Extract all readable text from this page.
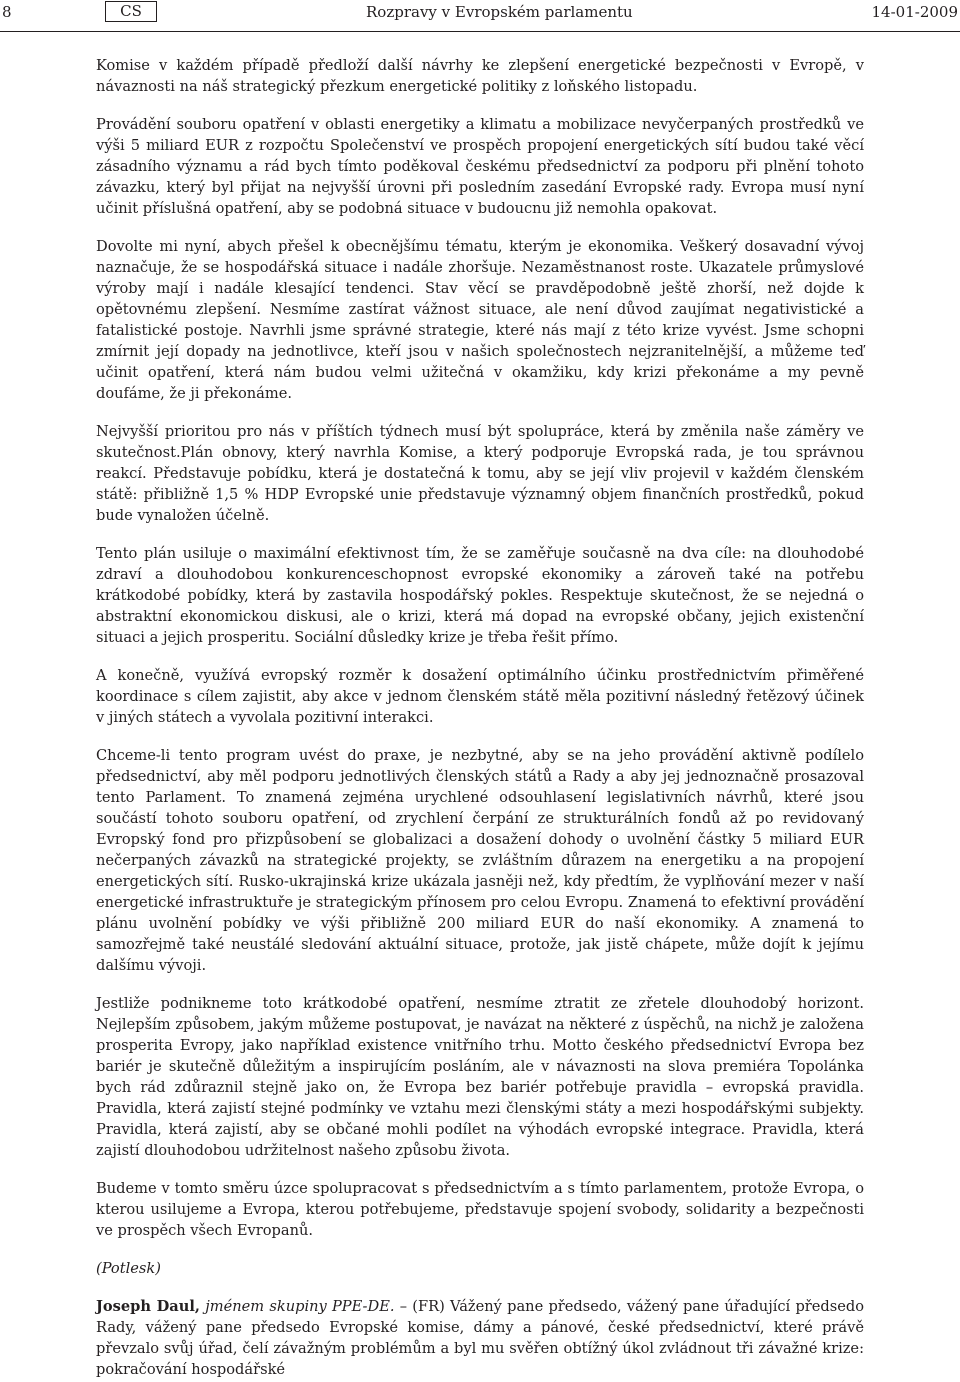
8	CS	Rozpravy v Evropském parlamentu	14-01-2009

Komise v každém případě předloží další návrhy ke zlepšení energetické bezpečnosti v Evropě, v návaznosti na náš strategický přezkum energetické politiky z loňského listopadu.

Provádění souboru opatření v oblasti energetiky a klimatu a mobilizace nevyčerpaných prostředků ve výši 5 miliard EUR z rozpočtu Společenství ve prospěch propojení energetických sítí budou také věcí zásadního významu a rád bych tímto poděkoval českému předsednictví za podporu při plnění tohoto závazku, který byl přijat na nejvyšší úrovni při posledním zasedání Evropské rady. Evropa musí nyní učinit příslušná opatření, aby se podobná situace v budoucnu již nemohla opakovat.

Dovolte mi nyní, abych přešel k obecnějšímu tématu, kterým je ekonomika. Veškerý dosavadní vývoj naznačuje, že se hospodářská situace i nadále zhoršuje. Nezaměstnanost roste. Ukazatele průmyslové výroby mají i nadále klesající tendenci. Stav věcí se pravděpodobně ještě zhorší, než dojde k opětovnému zlepšení. Nesmíme zastírat vážnost situace, ale není důvod zaujímat negativistické a fatalistické postoje. Navrhli jsme správné strategie, které nás mají z této krize vyvést. Jsme schopni zmírnit její dopady na jednotlivce, kteří jsou v našich společnostech nejzranitelnější, a můžeme teď učinit opatření, která nám budou velmi užitečná v okamžiku, kdy krizi překonáme a my pevně doufáme, že ji překonáme.

Nejvyšší prioritou pro nás v příštích týdnech musí být spolupráce, která by změnila naše záměry ve skutečnost.Plán obnovy, který navrhla Komise, a který podporuje Evropská rada, je tou správnou reakcí. Představuje pobídku, která je dostatečná k tomu, aby se její vliv projevil v každém členském státě: přibližně 1,5 % HDP Evropské unie představuje významný objem finančních prostředků, pokud bude vynaložen účelně.

Tento plán usiluje o maximální efektivnost tím, že se zaměřuje současně na dva cíle: na dlouhodobé zdraví a dlouhodobou konkurenceschopnost evropské ekonomiky a zároveň také na potřebu krátkodobé pobídky, která by zastavila hospodářský pokles. Respektuje skutečnost, že se nejedná o abstraktní ekonomickou diskusi, ale o krizi, která má dopad na evropské občany, jejich existenční situaci a jejich prosperitu. Sociální důsledky krize je třeba řešit přímo.

A konečně, využívá evropský rozměr k dosažení optimálního účinku prostřednictvím přiměřené koordinace s cílem zajistit, aby akce v jednom členském státě měla pozitivní následný řetězový účinek v jiných státech a vyvolala pozitivní interakci.

Chceme-li tento program uvést do praxe, je nezbytné, aby se na jeho provádění aktivně podílelo předsednictví, aby měl podporu jednotlivých členských států a Rady a aby jej jednoznačně prosazoval tento Parlament. To znamená zejména urychlené odsouhlasení legislativních návrhů, které jsou součástí tohoto souboru opatření, od zrychlení čerpání ze strukturálních fondů až po revidovaný Evropský fond pro přizpůsobení se globalizaci a dosažení dohody o uvolnění částky 5 miliard EUR nečerpaných závazků na strategické projekty, se zvláštním důrazem na energetiku a na propojení energetických sítí. Rusko-ukrajinská krize ukázala jasněji než, kdy předtím, že vyplňování mezer v naší energetické infrastruktuře je strategickým přínosem pro celou Evropu. Znamená to efektivní provádění plánu uvolnění pobídky ve výši přibližně 200 miliard EUR do naší ekonomiky. A znamená to samozřejmě také neustálé sledování aktuální situace, protože, jak jistě chápete, může dojít k jejímu dalšímu vývoji.

Jestliže podnikneme toto krátkodobé opatření, nesmíme ztratit ze zřetele dlouhodobý horizont. Nejlepším způsobem, jakým můžeme postupovat, je navázat na některé z úspěchů, na nichž je založena prosperita Evropy, jako například existence vnitřního trhu. Motto českého předsednictví Evropa bez bariér je skutečně důležitým a inspirujícím posláním, ale v návaznosti na slova premiéra Topolánka bych rád zdůraznil stejně jako on, že Evropa bez bariér potřebuje pravidla – evropská pravidla. Pravidla, která zajistí stejné podmínky ve vztahu mezi členskými státy a mezi hospodářskými subjekty. Pravidla, která zajistí, aby se občané mohli podílet na výhodách evropské integrace. Pravidla, která zajistí dlouhodobou udržitelnost našeho způsobu života.

Budeme v tomto směru úzce spolupracovat s předsednictvím a s tímto parlamentem, protože Evropa, o kterou usilujeme a Evropa, kterou potřebujeme, představuje spojení svobody, solidarity a bezpečnosti ve prospěch všech Evropanů.

(Potlesk)

Joseph Daul, jménem skupiny PPE-DE. – (FR) Vážený pane předsedo, vážený pane úřadující předsedo Rady, vážený pane předsedo Evropské komise, dámy a pánové, české předsednictví, které právě převzalo svůj úřad, čelí závažným problémům a byl mu svěřen obtížný úkol zvládnout tři závažné krize: pokračování hospodářské
